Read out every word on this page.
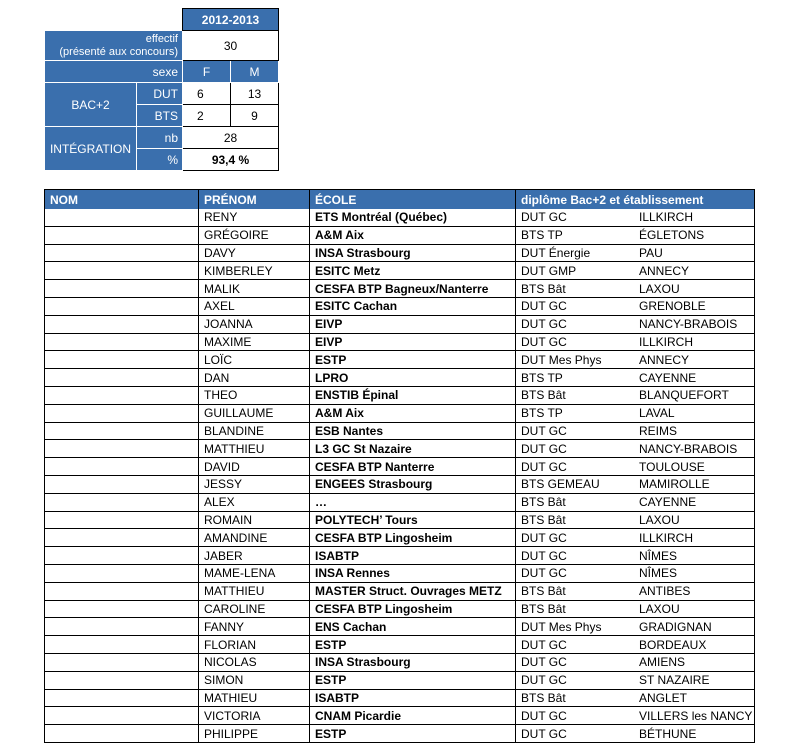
		2012-2013	

effectif
(présenté aux concours)		30	
sexe		F	M
BAC+2	DUT	6	13
	BTS	2	9
INTÉGRATION	nb	28	
	%	93,4 %	
NOM	PRÉNOM	ÉCOLE	diplôme Bac+2 et établissement
	RENY	ETS Montréal (Québec)	DUT GC ILLKIRCH
	GRÉGOIRE	A&M Aix	BTS TP ÉGLETONS
	DAVY	INSA Strasbourg	DUT Énergie PAU
	KIMBERLEY	ESITC Metz	DUT GMP ANNECY
	MALIK	CESFA BTP Bagneux/Nanterre	BTS Bât LAXOU
	AXEL	ESITC Cachan	DUT GC GRENOBLE
	JOANNA	EIVP	DUT GC NANCY-BRABOIS
	MAXIME	EIVP	DUT GC ILLKIRCH
	LOÏC	ESTP	DUT Mes Phys ANNECY
	DAN	LPRO	BTS TP CAYENNE
	THEO	ENSTIB Épinal	BTS Bât BLANQUEFORT
	GUILLAUME	A&M Aix	BTS TP LAVAL
	BLANDINE	ESB Nantes	DUT GC REIMS
	MATTHIEU	L3 GC St Nazaire	DUT GC NANCY-BRABOIS
	DAVID	CESFA BTP Nanterre	DUT GC TOULOUSE
	JESSY	ENGEES Strasbourg	BTS GEMEAU MAMIROLLE
	ALEX	…	BTS Bât CAYENNE
	ROMAIN	POLYTECH’ Tours	BTS Bât LAXOU
	AMANDINE	CESFA BTP Lingosheim	DUT GC ILLKIRCH
	JABER	ISABTP	DUT GC NÎMES
	MAME-LENA	INSA Rennes	DUT GC NÎMES
	MATTHIEU	MASTER Struct. Ouvrages METZ	BTS Bât ANTIBES
	CAROLINE	CESFA BTP Lingosheim	BTS Bât LAXOU
	FANNY	ENS Cachan	DUT Mes Phys GRADIGNAN
	FLORIAN	ESTP	DUT GC BORDEAUX
	NICOLAS	INSA Strasbourg	DUT GC AMIENS
	SIMON	ESTP	DUT GC ST NAZAIRE
	MATHIEU	ISABTP	BTS Bât ANGLET
	VICTORIA	CNAM Picardie	DUT GC VILLERS les NANCY
	PHILIPPE	ESTP	DUT GC BÉTHUNE
